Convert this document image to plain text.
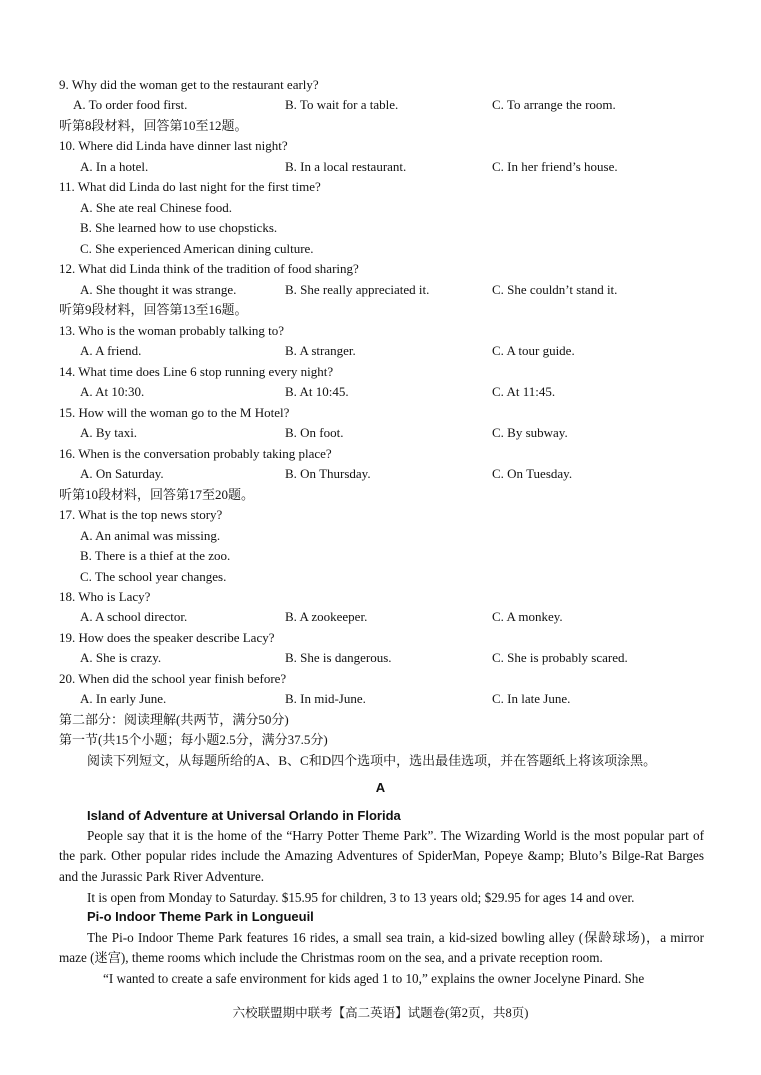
9. Why did the woman get to the restaurant early?
A. To order food first.	B. To wait for a table.	C. To arrange the room.
听第8段材料，回答第10至12题。
10. Where did Linda have dinner last night?
A. In a hotel.	B. In a local restaurant.	C. In her friend’s house.
11. What did Linda do last night for the first time?
A. She ate real Chinese food.
B. She learned how to use chopsticks.
C. She experienced American dining culture.
12. What did Linda think of the tradition of food sharing?
A. She thought it was strange.	B. She really appreciated it.	C. She couldn’t stand it.
听第9段材料，回答第13至16题。
13. Who is the woman probably talking to?
A. A friend.	B. A stranger.	C. A tour guide.
14. What time does Line 6 stop running every night?
A. At 10:30.	B. At 10:45.	C. At 11:45.
15. How will the woman go to the M Hotel?
A. By taxi.	B. On foot.	C. By subway.
16. When is the conversation probably taking place?
A. On Saturday.	B. On Thursday.	C. On Tuesday.
听第10段材料，回答第17至20题。
17. What is the top news story?
A. An animal was missing.
B. There is a thief at the zoo.
C. The school year changes.
18. Who is Lacy?
A. A school director.	B. A zookeeper.	C. A monkey.
19. How does the speaker describe Lacy?
A. She is crazy.	B. She is dangerous.	C. She is probably scared.
20. When did the school year finish before?
A. In early June.	B. In mid-June.	C. In late June.
第二部分：阅读理解(共两节，满分50分)
第一节(共15个小题；每小题2.5分，满分37.5分)
阅读下列短文，从每题所给的A、B、C和D四个选项中，选出最佳选项，并在答题纸上将该项涂黑。
A
Island of Adventure at Universal Orlando in Florida

People say that it is the home of the “Harry Potter Theme Park”. The Wizarding World is the most popular part of the park. Other popular rides include the Amazing Adventures of SpiderMan, Popeye &amp; Bluto’s Bilge-Rat Barges and the Jurassic Park River Adventure.

It is open from Monday to Saturday. $15.95 for children, 3 to 13 years old; $29.95 for ages 14 and over.

Pi-o Indoor Theme Park in Longueuil

The Pi-o Indoor Theme Park features 16 rides, a small sea train, a kid-sized bowling alley (保龄球场)，a mirror maze (迷宫), theme rooms which include the Christmas room on the sea, and a private reception room.

“I wanted to create a safe environment for kids aged 1 to 10,” explains the owner Jocelyne Pinard. She

六校联盟期中联考【高二英语】试题卷(第2页，共8页)
